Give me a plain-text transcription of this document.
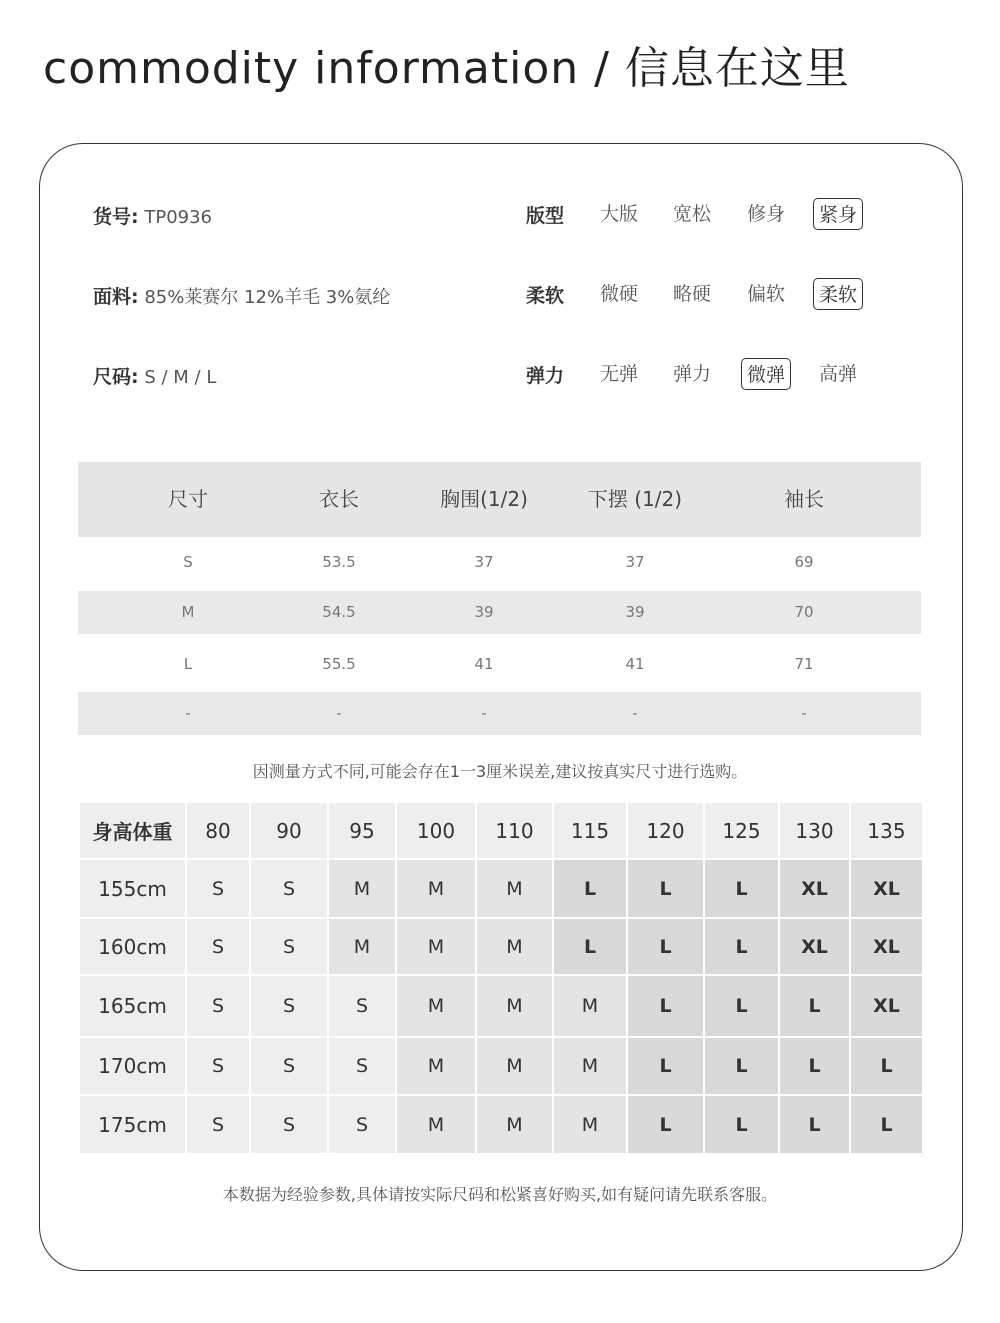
commodity information / 信息在这里
货号: TP0936
面料: 85%莱赛尔 12%羊毛 3%氨纶
尺码: S / M / L
版型	大版	宽松	修身	紧身
柔软	微硬	略硬	偏软	柔软
弹力	无弹	弹力	微弹	高弹
尺寸	衣长	胸围(1/2)	下摆 (1/2)	袖长
S	53.5	37	37	69
M	54.5	39	39	70
L	55.5	41	41	71
-	-	-	-	-
因测量方式不同,可能会存在1一3厘米误差,建议按真实尺寸进行选购。
身高体重	80	90	95	100	110	115	120	125	130	135
155cm	S	S	M	M	M	L	L	L	XL	XL
160cm	S	S	M	M	M	L	L	L	XL	XL
165cm	S	S	S	M	M	M	L	L	L	XL
170cm	S	S	S	M	M	M	L	L	L	L
175cm	S	S	S	M	M	M	L	L	L	L
本数据为经验参数,具体请按实际尺码和松紧喜好购买,如有疑问请先联系客服。
